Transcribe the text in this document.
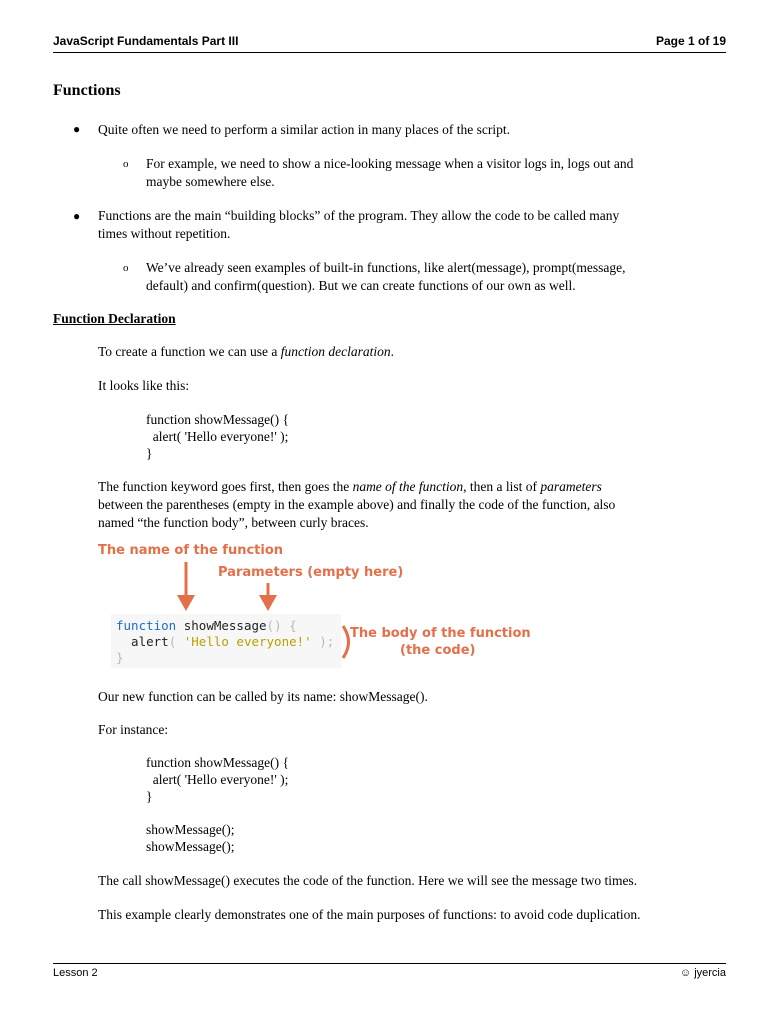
JavaScript Fundamentals Part III	Page 1 of 19
Functions
● Quite often we need to perform a similar action in many places of the script.
o For example, we need to show a nice-looking message when a visitor logs in, logs out and
maybe somewhere else.
● Functions are the main “building blocks” of the program. They allow the code to be called many
times without repetition.
o We’ve already seen examples of built-in functions, like alert(message), prompt(message,
default) and confirm(question). But we can create functions of our own as well.
Function Declaration
To create a function we can use a function declaration.
It looks like this:
function showMessage() {
alert( 'Hello everyone!' );
}
The function keyword goes first, then goes the name of the function, then a list of parameters
between the parentheses (empty in the example above) and finally the code of the function, also
named “the function body”, between curly braces.
The name of the function
Parameters (empty here)
function showMessage() {
alert( 'Hello everyone!' );
}
The body of the function
(the code)
Our new function can be called by its name: showMessage().
For instance:
function showMessage() {
alert( 'Hello everyone!' );
}
showMessage();
showMessage();
The call showMessage() executes the code of the function. Here we will see the message two times.
This example clearly demonstrates one of the main purposes of functions: to avoid code duplication.
Lesson 2	☺ jyercia
